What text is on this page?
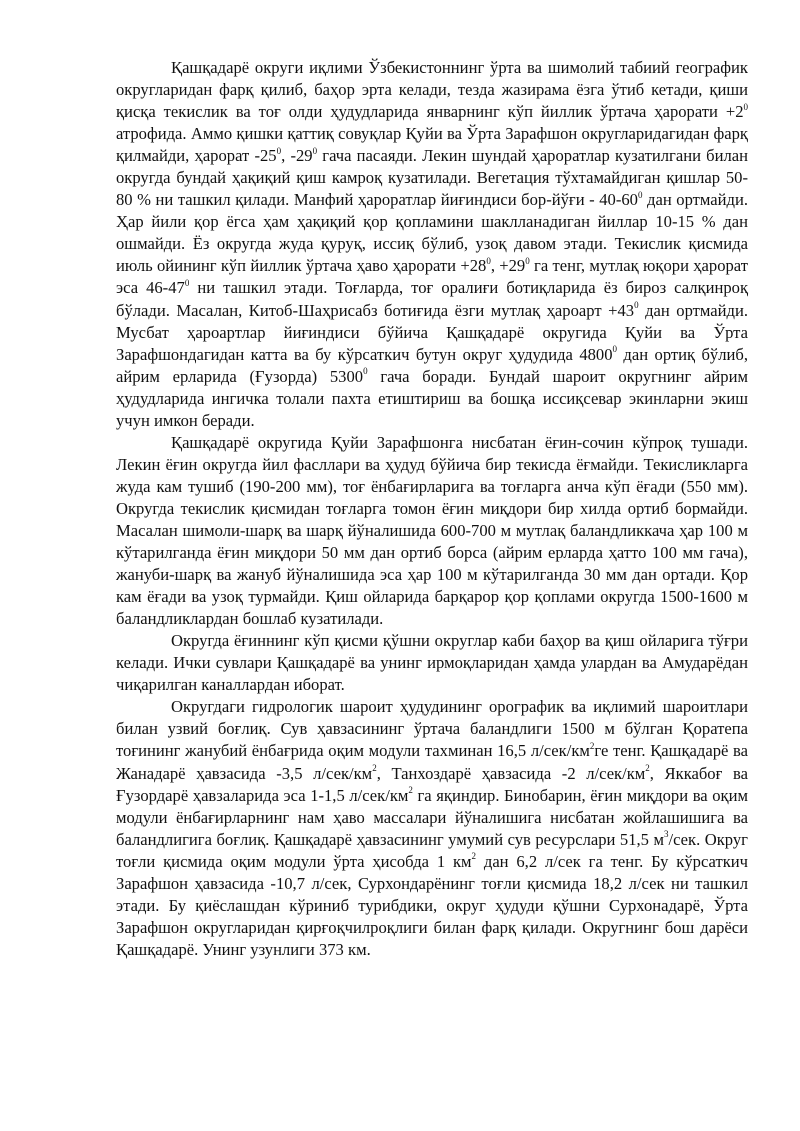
Қашқадарё округи иқлими Ўзбекистоннинг ўрта ва шимолий табиий географик округларидан фарқ қилиб, баҳор эрта келади, тезда жазирама ёзга ўтиб кетади, қиши қисқа текислик ва тоғ олди ҳудудларида январнинг кўп йиллик ўртача ҳарорати $+2^0$ атрофида. Аммо қишки қаттиқ совуқлар Қуйи ва Ўрта Зарафшон округларидагидан фарқ қилмайди, ҳарорат $-25^0$, $-29^0$ гача пасаяди. Лекин шундай ҳароратлар кузатилгани билан округда бундай ҳақиқий қиш камроқ кузатилади. Вегетация тўхтамайдиган қишлар 50-80 % ни ташкил қилади. Манфий ҳароратлар йиғиндиси бор-йўғи - $40-60^0$ дан ортмайди. Ҳар йили қор ёгса ҳам ҳақиқий қор қопламини шаклланадиган йиллар 10-15 % дан ошмайди. Ёз округда жуда қуруқ, иссиқ бўлиб, узоқ давом этади. Текислик қисмида июль ойининг кўп йиллик ўртача ҳаво ҳарорати $+28^0$, $+29^0$ га тенг, мутлақ юқори ҳарорат эса $46-47^0$ ни ташкил этади. Тоғларда, тоғ оралиғи ботиқларида ёз бироз салқинроқ бўлади. Масалан, Китоб-Шаҳрисабз ботиғида ёзги мутлақ ҳароарт $+43^0$ дан ортмайди. Мусбат ҳароартлар йиғиндиси бўйича Қашқадарё округида Қуйи ва Ўрта Зарафшондагидан катта ва бу кўрсаткич бутун округ ҳудудида 4800$^0$ дан ортиқ бўлиб, айрим ерларида (Ғузорда) 5300$^0$ гача боради. Бундай шароит округнинг айрим ҳудудларида ингичка толали пахта етиштириш ва бошқа иссиқсевар экинларни экиш учун имкон беради.

Қашқадарё округида Қуйи Зарафшонга нисбатан ёғин-сочин кўпроқ тушади. Лекин ёғин округда йил фасллари ва ҳудуд бўйича бир текисда ёғмайди. Текисликларга жуда кам тушиб (190-200 мм), тоғ ёнбағирларига ва тоғларга анча кўп ёғади (550 мм). Округда текислик қисмидан тоғларга томон ёғин миқдори бир хилда ортиб бормайди. Масалан шимоли-шарқ ва шарқ йўналишида 600-700 м мутлақ баландликкача ҳар 100 м кўтарилганда ёғин миқдори 50 мм дан ортиб борса (айрим ерларда ҳатто 100 мм гача), жануби-шарқ ва жануб йўналишида эса ҳар 100 м кўтарилганда 30 мм дан ортади. Қор кам ёғади ва узоқ турмайди. Қиш ойларида барқарор қор қоплами округда 1500-1600 м баландликлардан бошлаб кузатилади.

Округда ёғиннинг кўп қисми қўшни округлар каби баҳор ва қиш ойларига тўғри келади. Ички сувлари Қашқадарё ва унинг ирмоқларидан ҳамда улардан ва Амударёдан чиқарилган каналлардан иборат.

Округдаги гидрологик шароит ҳудудининг орографик ва иқлимий шароитлари билан узвий боғлиқ. Сув ҳавзасининг ўртача баландлиги 1500 м бўлган Қоратепа тоғининг жанубий ёнбағрида оқим модули тахминан 16,5 $л/сек/км^2ге$ тенг. Қашқадарё ва Жанадарё ҳавзасида -3,5 $л/сек/км^2$, Танхоздарё ҳавзасида -2 $л/сек/км^2$, Яккабоғ ва Ғузордарё ҳавзаларида эса 1-1,5 $л/сек/км^2$ га яқиндир. Бинобарин, ёғин миқдори ва оқим модули ёнбағирларнинг нам ҳаво массалари йўналишига нисбатан жойлашишига ва баландлигига боғлиқ. Қашқадарё ҳавзасининг умумий сув ресурслари 51,5 $м^3$/сек. Округ тоғли қисмида оқим модули ўрта ҳисобда 1 $км^2$ дан 6,2 л/сек га тенг. Бу кўрсаткич Зарафшон ҳавзасида -10,7 л/сек, Сурхондарёнинг тоғли қисмида 18,2 л/сек ни ташкил этади. Бу қиёслашдан кўриниб турибдики, округ ҳудуди қўшни Сурхонадарё, Ўрта Зарафшон округларидан қирғоқчилроқлиги билан фарқ қилади. Округнинг бош дарёси Қашқадарё. Унинг узунлиги 373 км.
